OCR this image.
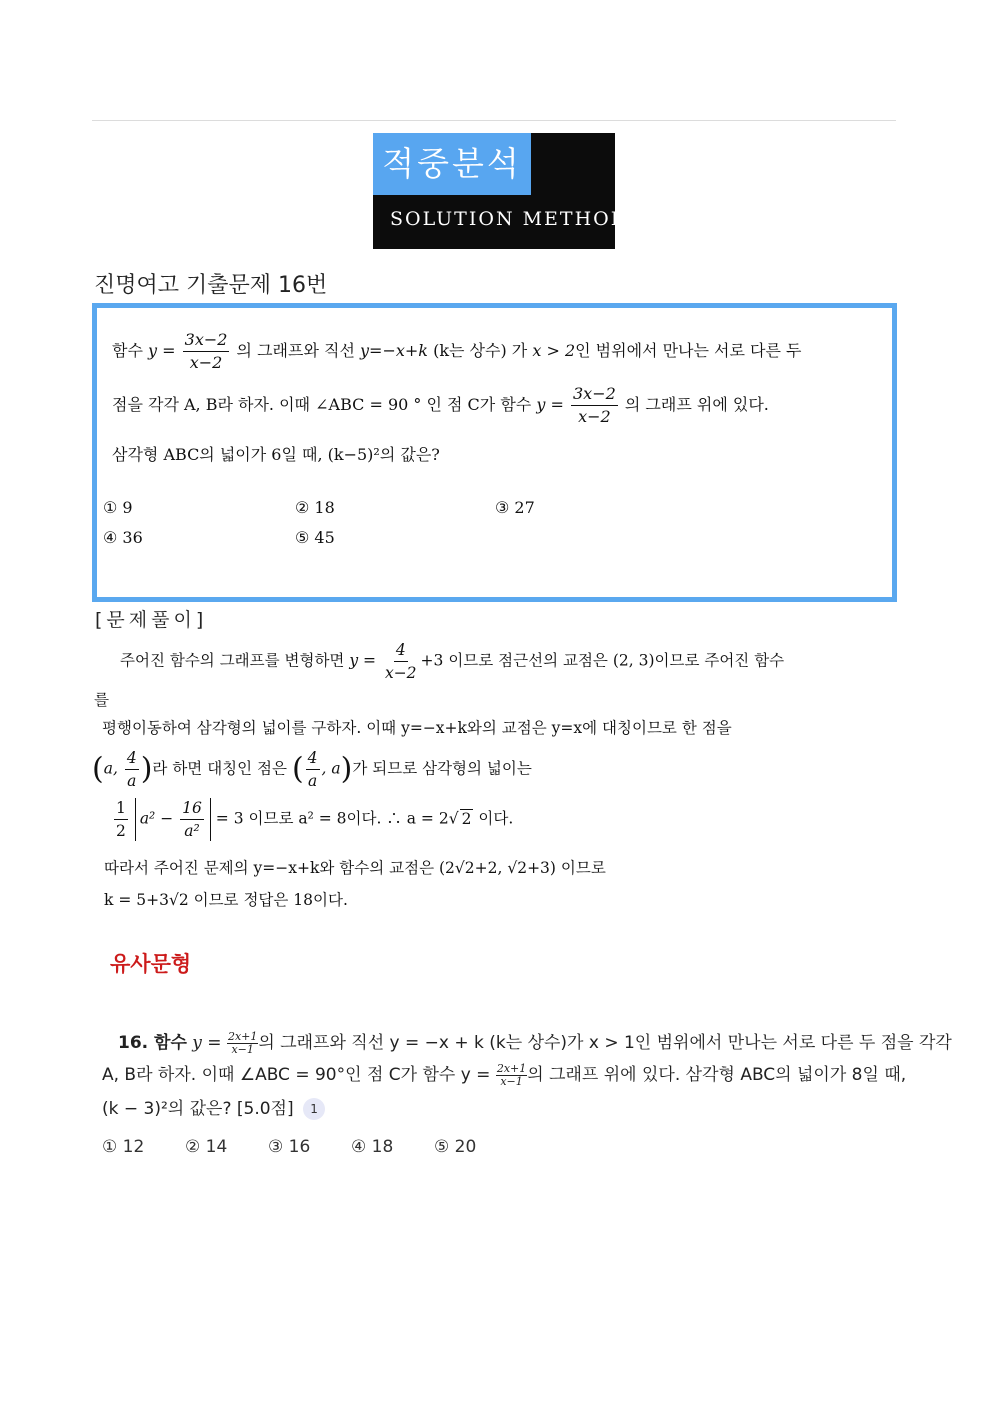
적중분석
SOLUTION METHOD
진명여고 기출문제 16번
함수 $y = \frac{3x-2}{x-2}$ 의 그래프와 직선 y=−x+k (k는 상수) 가 x > 2인 범위에서 만나는 서로 다른 두
점을 각각 A, B라 하자. 이때 ∠ABC = 90 ° 인 점 C가 함수 $y = \frac{3x-2}{x-2}$ 의 그래프 위에 있다.
삼각형 ABC의 넓이가 6일 때, (k−5)²의 값은?
① 9	② 18	③ 27
④ 36	⑤ 45
[문제풀이]
주어진 함수의 그래프를 변형하면 $y = \frac{4}{x-2} +3$ 이므로 점근선의 교점은 (2, 3)이므로 주어진 함수
를
평행이동하여 삼각형의 넓이를 구하자. 이때 y=−x+k와의 교점은 y=x에 대칭이므로 한 점을
(a, $\frac{4}{a}$ )라 하면 대칭인 점은 ( $\frac{4}{a}$ , a)가 되므로 삼각형의 넓이는
$\frac{1}{2} a^2 - \frac{16}{\text{a²}} = 3$ 이므로 a² = 8이다. ∴ a = 2√ 2 이다.
따라서 주어진 문제의 y=−x+k와 함수의 교점은 (2√2+2, √2+3) 이므로
k = 5+3√2 이므로 정답은 18이다.
유사문형
16. 함수 $y = \frac{2x+1}{x-1}$ 의 그래프와 직선 y = −x + k (k는 상수)가 x > 1인 범위에서 만나는 서로 다른 두 점을 각각
A, B라 하자. 이때 ∠ABC = 90°인 점 C가 함수 $y = \frac{2x+1}{x-1}$ 의 그래프 위에 있다. 삼각형 ABC의 넓이가 8일 때,
(k − 3)²의 값은? [5.0점] 1
① 12 ② 14 ③ 16 ④ 18 ⑤ 20
